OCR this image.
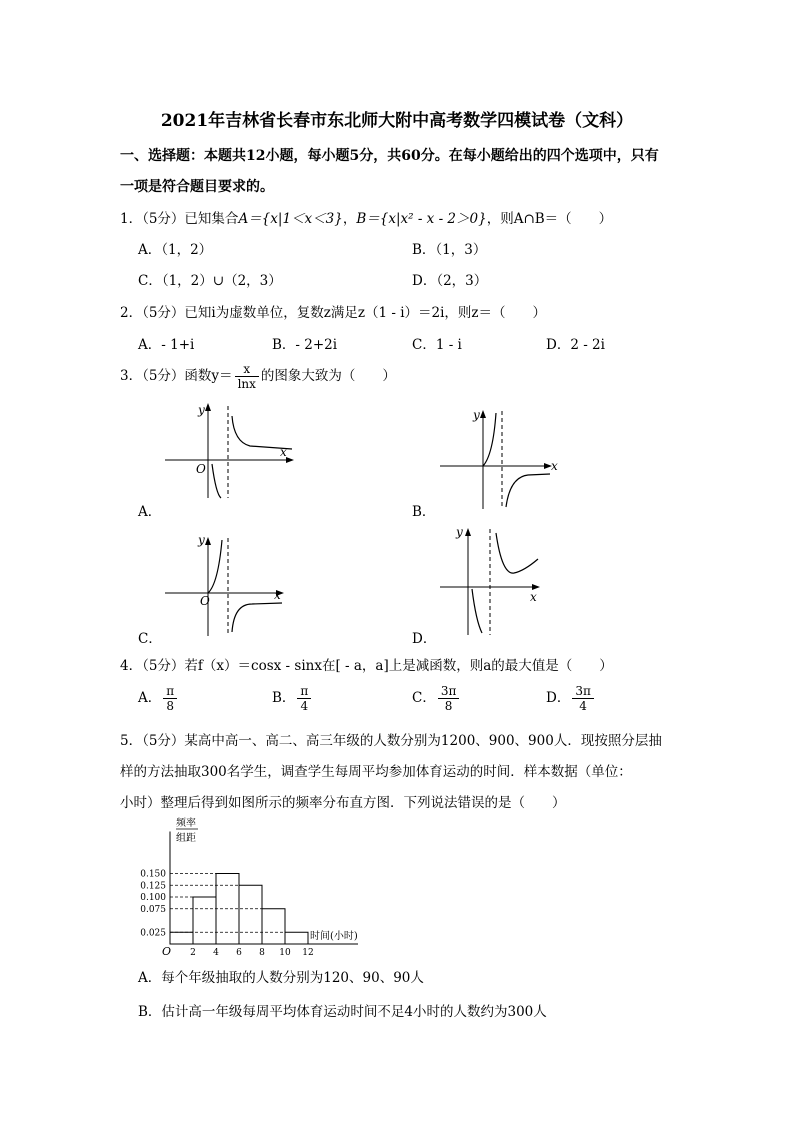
2021年吉林省长春市东北师大附中高考数学四模试卷（文科）
一、选择题：本题共12小题，每小题5分，共60分。在每小题给出的四个选项中，只有
一项是符合题目要求的。
1．（5分）已知集合A＝{x|1＜x＜3}，B＝{x|x² - x - 2＞0}，则A∩B＝（　　）
A．（1，2）	B．（1，3）
C．（1，2）∪（2，3）	D．（2，3）
2．（5分）已知i为虚数单位，复数z满足z（1 - i）＝2i，则z＝（　　）
A．- 1+i	B．- 2+2i	C．1 - i	D．2 - 2i
3．（5分）函数$y= \frac{x}{\ln x}$ 的图象大致为（　　）
y
O
x
A．
y
x
B．
y
O	x
C．
y
x
D．
4．（5分）若f（x）＝cosx - sinx在[ - a，a]上是减函数，则a的最大值是（　　）
A． $\frac{\pi}{8}$	B． $\frac{\pi}{4}$	C． $\frac{3\pi}{8}$	D． $\frac{3\pi}{4}$
5．（5分）某高中高一、高二、高三年级的人数分别为1200、900、900人．现按照分层抽
样的方法抽取300名学生，调查学生每周平均参加体育运动的时间．样本数据（单位：
小时）整理后得到如图所示的频率分布直方图．下列说法错误的是（　　）
频率
组距
0.025
0.075
0.100
0.125
0.150
2 4 6 8 10 12
O
时间(小时)
A．每个年级抽取的人数分别为120、90、90人
B．估计高一年级每周平均体育运动时间不足4小时的人数约为300人
